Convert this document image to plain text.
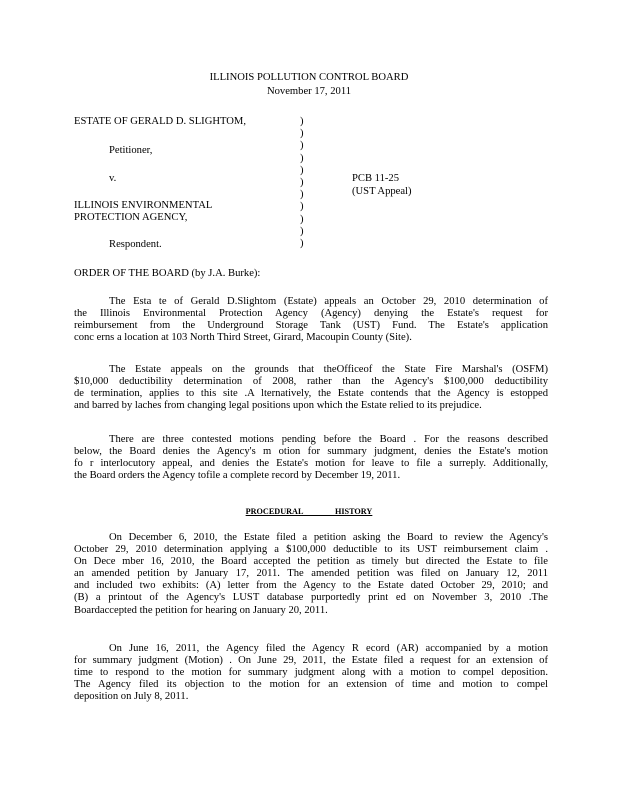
ILLINOIS POLLUTION CONTROL BOARD
November 17, 2011
ESTATE OF GERALD D. SLIGHTOM,
Petitioner,
v.	PCB 11-25
(UST Appeal)
ILLINOIS ENVIRONMENTAL
PROTECTION AGENCY,
Respondent.
)
)
)
)
)
)
)
)
)
)
)
ORDER OF THE BOARD (by J.A. Burke):
The Esta te of Gerald D.Slightom (Estate) appeals an October 29, 2010 determination of
the Illinois Environmental Protection Agency (Agency) denying the Estate's request for
reimbursement from the Underground Storage Tank (UST) Fund. The Estate's application
conc erns a location at 103 North Third Street, Girard, Macoupin County (Site).
The Estate appeals on the grounds that theOfficeof the State Fire Marshal's (OSFM)
$10,000 deductibility determination of 2008, rather than the Agency's $100,000 deductibility
de termination, applies to this site .A lternatively, the Estate contends that the Agency is estopped
and barred by laches from changing legal positions upon which the Estate relied to its prejudice.
There are three contested motions pending before the Board . For the reasons described
below, the Board denies the Agency's m otion for summary judgment, denies the Estate's motion
fo r interlocutory appeal, and denies the Estate's motion for leave to file a surreply. Additionally,
the Board orders the Agency tofile a complete record by December 19, 2011.
PROCEDURAL HISTORY
On December 6, 2010, the Estate filed a petition asking the Board to review the Agency's
October 29, 2010 determination applying a $100,000 deductible to its UST reimbursement claim .
On Dece mber 16, 2010, the Board accepted the petition as timely but directed the Estate to file
an amended petition by January 17, 2011. The amended petition was filed on January 12, 2011
and included two exhibits: (A) letter from the Agency to the Estate dated October 29, 2010; and
(B) a printout of the Agency's LUST database purportedly print ed on November 3, 2010 .The
Boardaccepted the petition for hearing on January 20, 2011.
On June 16, 2011, the Agency filed the Agency R ecord (AR) accompanied by a motion
for summary judgment (Motion) . On June 29, 2011, the Estate filed a request for an extension of
time to respond to the motion for summary judgment along with a motion to compel deposition.
The Agency filed its objection to the motion for an extension of time and motion to compel
deposition on July 8, 2011.
